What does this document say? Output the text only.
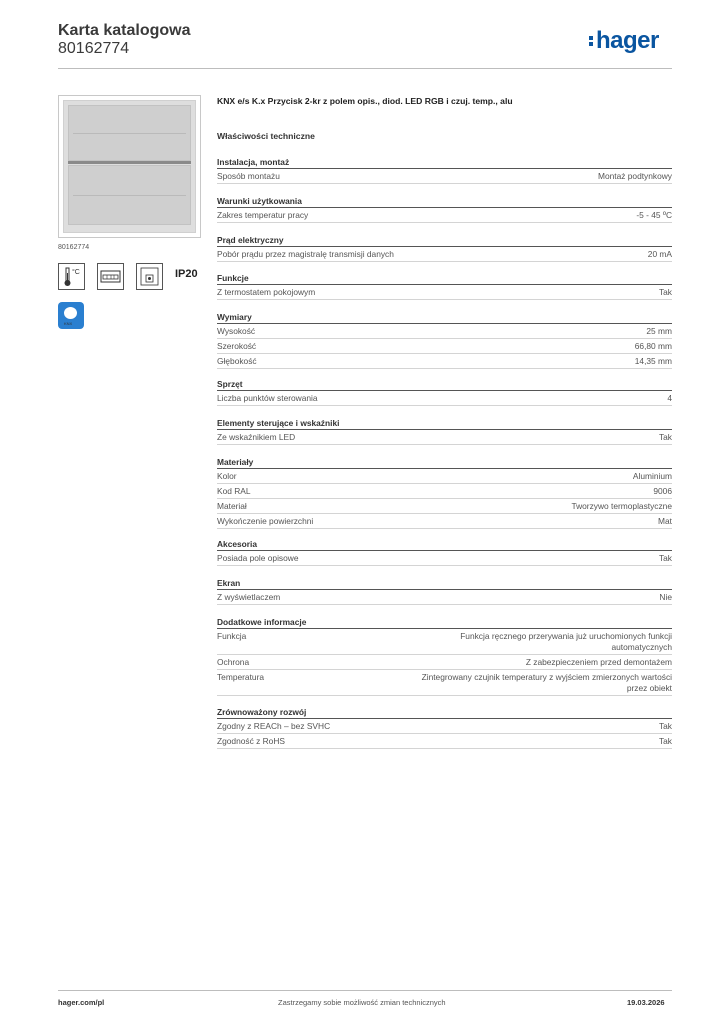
Karta katalogowa
80162774	hager
80162774
°C	IP20
KNX
KNX e/s K.x Przycisk 2-kr z polem opis., diod. LED RGB i czuj. temp., alu
Właściwości techniczne
Instalacja, montaż
Sposób montażu	Montaż podtynkowy
Warunki użytkowania
Zakres temperatur pracy	-5 - 45 ºC
Prąd elektryczny
Pobór prądu przez magistralę transmisji danych	20 mA
Funkcje
Z termostatem pokojowym	Tak
Wymiary
Wysokość	25 mm
Szerokość	66,80 mm
Głębokość	14,35 mm
Sprzęt
Liczba punktów sterowania	4
Elementy sterujące i wskaźniki
Ze wskaźnikiem LED	Tak
Materiały
Kolor	Aluminium
Kod RAL	9006
Materiał	Tworzywo termoplastyczne
Wykończenie powierzchni	Mat
Akcesoria
Posiada pole opisowe	Tak
Ekran
Z wyświetlaczem	Nie
Dodatkowe informacje
Funkcja	Funkcja ręcznego przerywania już uruchomionych funkcji automatycznych
Ochrona	Z zabezpieczeniem przed demontażem
Temperatura	Zintegrowany czujnik temperatury z wyjściem zmierzonych wartości przez obiekt
Zrównoważony rozwój
Zgodny z REACh – bez SVHC	Tak
Zgodność z RoHS	Tak
hager.com/pl	Zastrzegamy sobie możliwość zmian technicznych	19.03.2026
